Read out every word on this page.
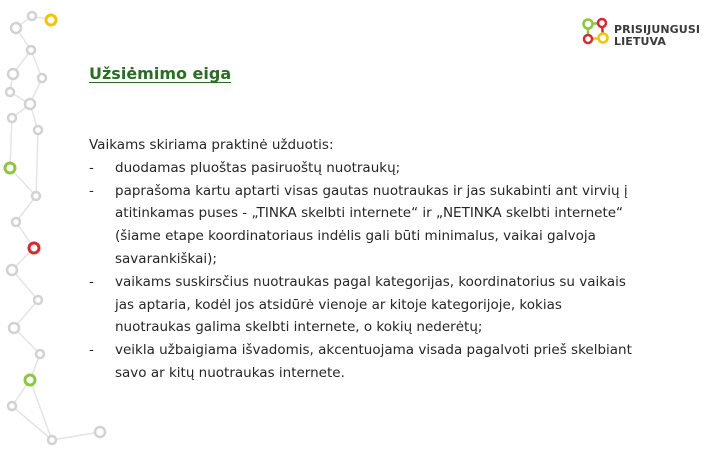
PRISIJUNGUSI
LIETUVA
Užsiėmimo eiga

Vaikams skiriama praktinė užduotis:

- duodamas pluoštas pasiruoštų nuotraukų;
- paprašoma kartu aptarti visas gautas nuotraukas ir jas sukabinti ant virvių į
atitinkamas puses - „TINKA skelbti internete“ ir „NETINKA skelbti internete“
(šiame etape koordinatoriaus indėlis gali būti minimalus, vaikai galvoja
savarankiškai);
- vaikams suskirsčius nuotraukas pagal kategorijas, koordinatorius su vaikais
jas aptaria, kodėl jos atsidūrė vienoje ar kitoje kategorijoje, kokias
nuotraukas galima skelbti internete, o kokių nederėtų;
- veikla užbaigiama išvadomis, akcentuojama visada pagalvoti prieš skelbiant
savo ar kitų nuotraukas internete.
